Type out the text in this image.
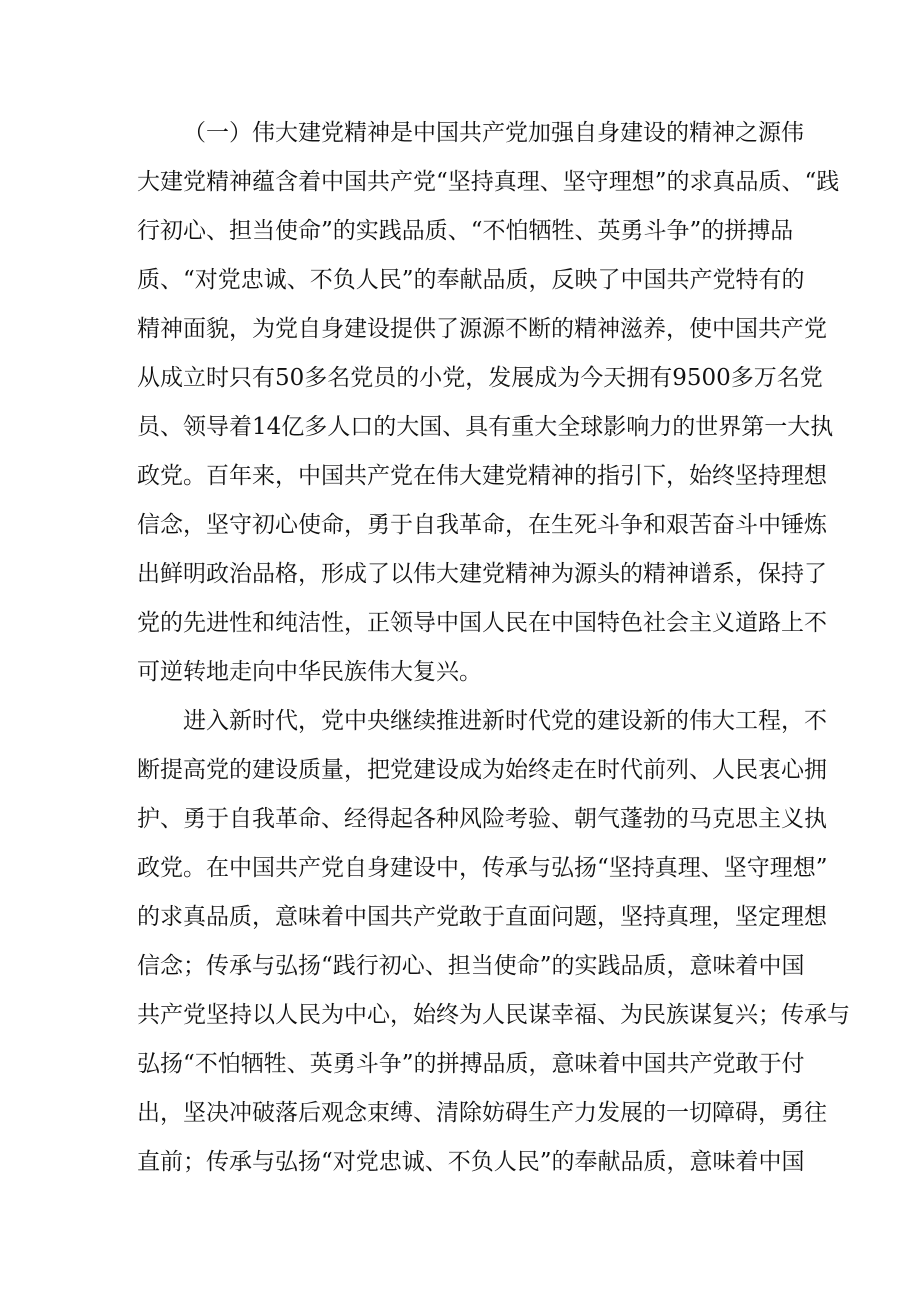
（一）伟大建党精神是中国共产党加强自身建设的精神之源伟

大建党精神蕴含着中国共产党“坚持真理、坚守理想”的求真品质、“践

行初心、担当使命”的实践品质、“不怕牺牲、英勇斗争”的拼搏品

质、“对党忠诚、不负人民”的奉献品质，反映了中国共产党特有的

精神面貌，为党自身建设提供了源源不断的精神滋养，使中国共产党

从成立时只有50多名党员的小党，发展成为今天拥有9500多万名党

员、领导着14亿多人口的大国、具有重大全球影响力的世界第一大执

政党。百年来，中国共产党在伟大建党精神的指引下，始终坚持理想

信念，坚守初心使命，勇于自我革命，在生死斗争和艰苦奋斗中锤炼

出鲜明政治品格，形成了以伟大建党精神为源头的精神谱系，保持了

党的先进性和纯洁性，正领导中国人民在中国特色社会主义道路上不

可逆转地走向中华民族伟大复兴。

进入新时代，党中央继续推进新时代党的建设新的伟大工程，不

断提高党的建设质量，把党建设成为始终走在时代前列、人民衷心拥

护、勇于自我革命、经得起各种风险考验、朝气蓬勃的马克思主义执

政党。在中国共产党自身建设中，传承与弘扬“坚持真理、坚守理想”

的求真品质，意味着中国共产党敢于直面问题，坚持真理，坚定理想

信念；传承与弘扬“践行初心、担当使命”的实践品质，意味着中国

共产党坚持以人民为中心，始终为人民谋幸福、为民族谋复兴；传承与

弘扬“不怕牺牲、英勇斗争”的拼搏品质，意味着中国共产党敢于付

出，坚决冲破落后观念束缚、清除妨碍生产力发展的一切障碍，勇往

直前；传承与弘扬“对党忠诚、不负人民”的奉献品质，意味着中国
